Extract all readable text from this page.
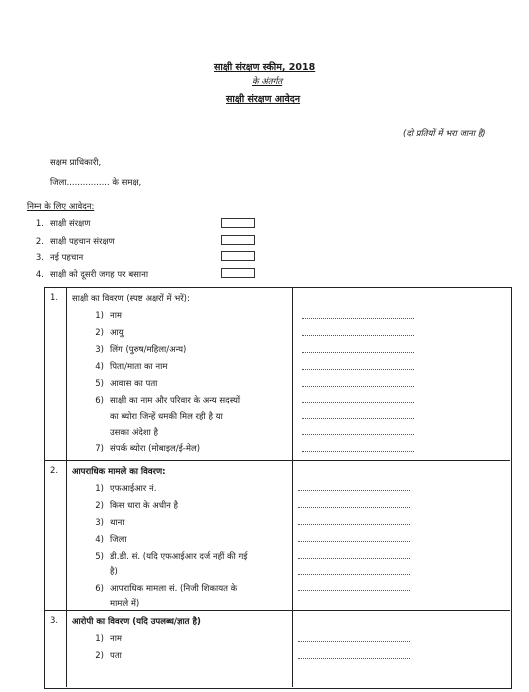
साक्षी संरक्षण स्कीम, 2018
के अंतर्गत
साक्षी संरक्षण आवेदन
(दो प्रतियों में भरा जाना है)
सक्षम प्राधिकारी,
जिला................ के समक्ष,
निम्न के लिए आवेदन:
1. साक्षी संरक्षण
2. साक्षी पहचान संरक्षण
3. नई पहचान
4. साक्षी को दूसरी जगह पर बसाना
1. साक्षी का विवरण (स्पष्ट अक्षरों में भरें):
1) नाम
2) आयु
3) लिंग (पुरुष/महिला/अन्य)
4) पिता/माता का नाम
5) आवास का पता
6) साक्षी का नाम और परिवार के अन्य सदस्यों
का ब्योरा जिन्हें धमकी मिल रही है या
उसका अंदेशा है
7) संपर्क ब्योरा (मोबाइल/ई-मेल)
2. आपराधिक मामले का विवरण:
1) एफआईआर नं.
2) किस धारा के अधीन है
3) थाना
4) जिला
5) डी.डी. सं. (यदि एफआईआर दर्ज नहीं की गई
है)
6) आपराधिक मामला सं. (निजी शिकायत के
मामले में)
3. आरोपी का विवरण (यदि उपलब्ध/ज्ञात है)
1) नाम
2) पता
